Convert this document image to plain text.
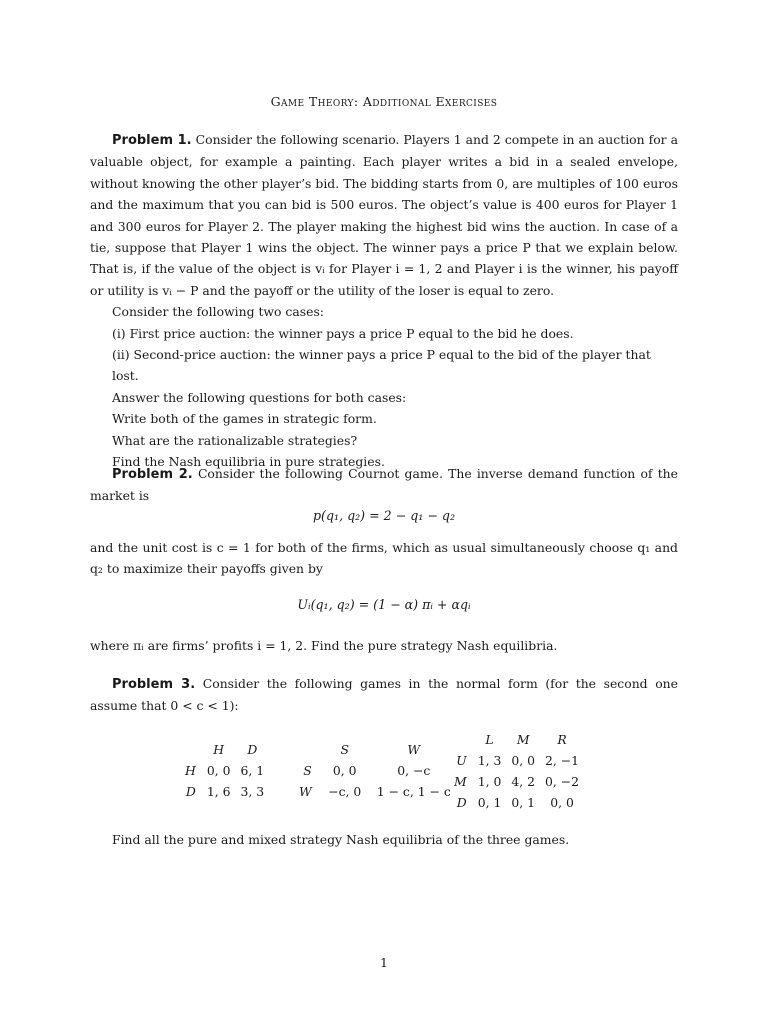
Game Theory: Additional Exercises

Problem 1. Consider the following scenario. Players 1 and 2 compete in an auction for a valuable object, for example a painting. Each player writes a bid in a sealed envelope, without knowing the other player’s bid. The bidding starts from 0, are multiples of 100 euros and the maximum that you can bid is 500 euros. The object’s value is 400 euros for Player 1 and 300 euros for Player 2. The player making the highest bid wins the auction. In case of a tie, suppose that Player 1 wins the object. The winner pays a price P that we explain below. That is, if the value of the object is vᵢ for Player i = 1, 2 and Player i is the winner, his payoff or utility is vᵢ − P and the payoff or the utility of the loser is equal to zero.

Consider the following two cases:

(i) First price auction: the winner pays a price P equal to the bid he does.

(ii) Second-price auction: the winner pays a price P equal to the bid of the player that lost.

Answer the following questions for both cases:

Write both of the games in strategic form.

What are the rationalizable strategies?

Find the Nash equilibria in pure strategies.

Problem 2. Consider the following Cournot game. The inverse demand function of the market is

p(q₁, q₂) = 2 − q₁ − q₂

and the unit cost is c = 1 for both of the firms, which as usual simultaneously choose q₁ and q₂ to maximize their payoffs given by

Uᵢ(q₁, q₂) = (1 − α) πᵢ + αqᵢ

where πᵢ are firms’ profits i = 1, 2. Find the pure strategy Nash equilibria.

Problem 3. Consider the following games in the normal form (for the second one assume that 0 < c < 1):

	H	D
H	0, 0	6, 1
D	1, 6	3, 3
	S	W
S	0, 0	0, −c
W	−c, 0	1 − c, 1 − c
	L	M	R
U	1, 3	0, 0	2, −1
M	1, 0	4, 2	0, −2
D	0, 1	0, 1	0, 0

Find all the pure and mixed strategy Nash equilibria of the three games.

1
